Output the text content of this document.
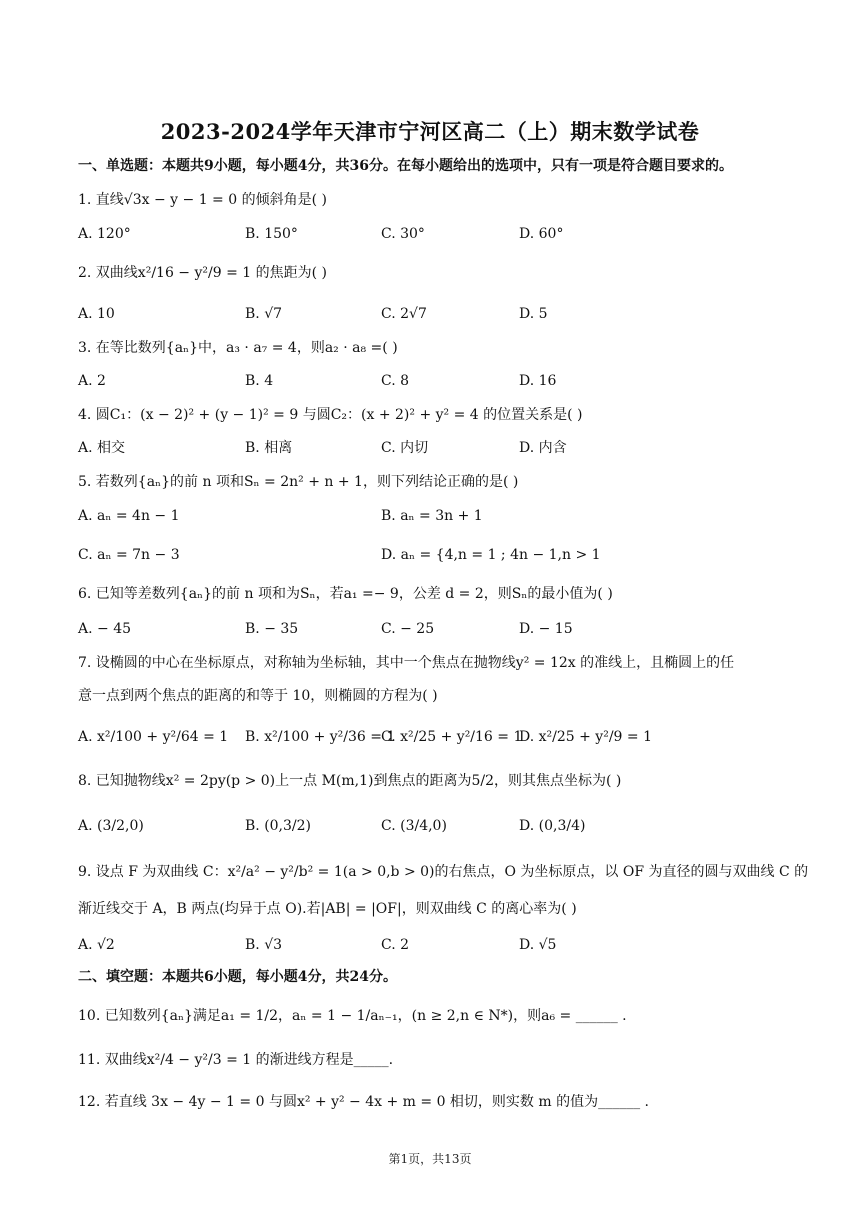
2023-2024学年天津市宁河区高二（上）期末数学试卷
一、单选题：本题共9小题，每小题4分，共36分。在每小题给出的选项中，只有一项是符合题目要求的。
1. 直线√3x − y − 1 = 0 的倾斜角是( )
A. 120°	B. 150°	C. 30°	D. 60°
2. 双曲线x²/16 − y²/9 = 1 的焦距为( )
A. 10	B. √7	C. 2√7	D. 5
3. 在等比数列{aₙ}中，a₃ · a₇ = 4，则a₂ · a₈ =( )
A. 2	B. 4	C. 8	D. 16
4. 圆C₁：(x − 2)² + (y − 1)² = 9 与圆C₂：(x + 2)² + y² = 4 的位置关系是( )
A. 相交	B. 相离	C. 内切	D. 内含
5. 若数列{aₙ}的前 n 项和Sₙ = 2n² + n + 1，则下列结论正确的是( )
A. aₙ = 4n − 1	B. aₙ = 3n + 1
C. aₙ = 7n − 3	D. aₙ = {4,n = 1 ; 4n − 1,n > 1
6. 已知等差数列{aₙ}的前 n 项和为Sₙ，若a₁ =− 9，公差 d = 2，则Sₙ的最小值为( )
A. − 45	B. − 35	C. − 25	D. − 15
7. 设椭圆的中心在坐标原点，对称轴为坐标轴，其中一个焦点在抛物线y² = 12x 的准线上，且椭圆上的任
意一点到两个焦点的距离的和等于 10，则椭圆的方程为( )
A. x²/100 + y²/64 = 1 B. x²/100 + y²/36 = 1
C. x²/25 + y²/16 = 1
D. x²/25 + y²/9 = 1
8. 已知抛物线x² = 2py(p > 0)上一点 M(m,1)到焦点的距离为5/2，则其焦点坐标为( )
A. (3/2,0)	B. (0,3/2)	C. (3/4,0)	D. (0,3/4)
9. 设点 F 为双曲线 C：x²/a² − y²/b² = 1(a > 0,b > 0)的右焦点，O 为坐标原点，以 OF 为直径的圆与双曲线 C 的
渐近线交于 A，B 两点(均异于点 O).若|AB| = |OF|，则双曲线 C 的离心率为( )
A. √2	B. √3	C. 2	D. √5
二、填空题：本题共6小题，每小题4分，共24分。
10. 已知数列{aₙ}满足a₁ = 1/2，aₙ = 1 − 1/aₙ₋₁，(n ≥ 2,n ∈ N*)，则a₆ = ______ .
11. 双曲线x²/4 − y²/3 = 1 的渐进线方程是_____.
12. 若直线 3x − 4y − 1 = 0 与圆x² + y² − 4x + m = 0 相切，则实数 m 的值为______ .
第1页，共13页
